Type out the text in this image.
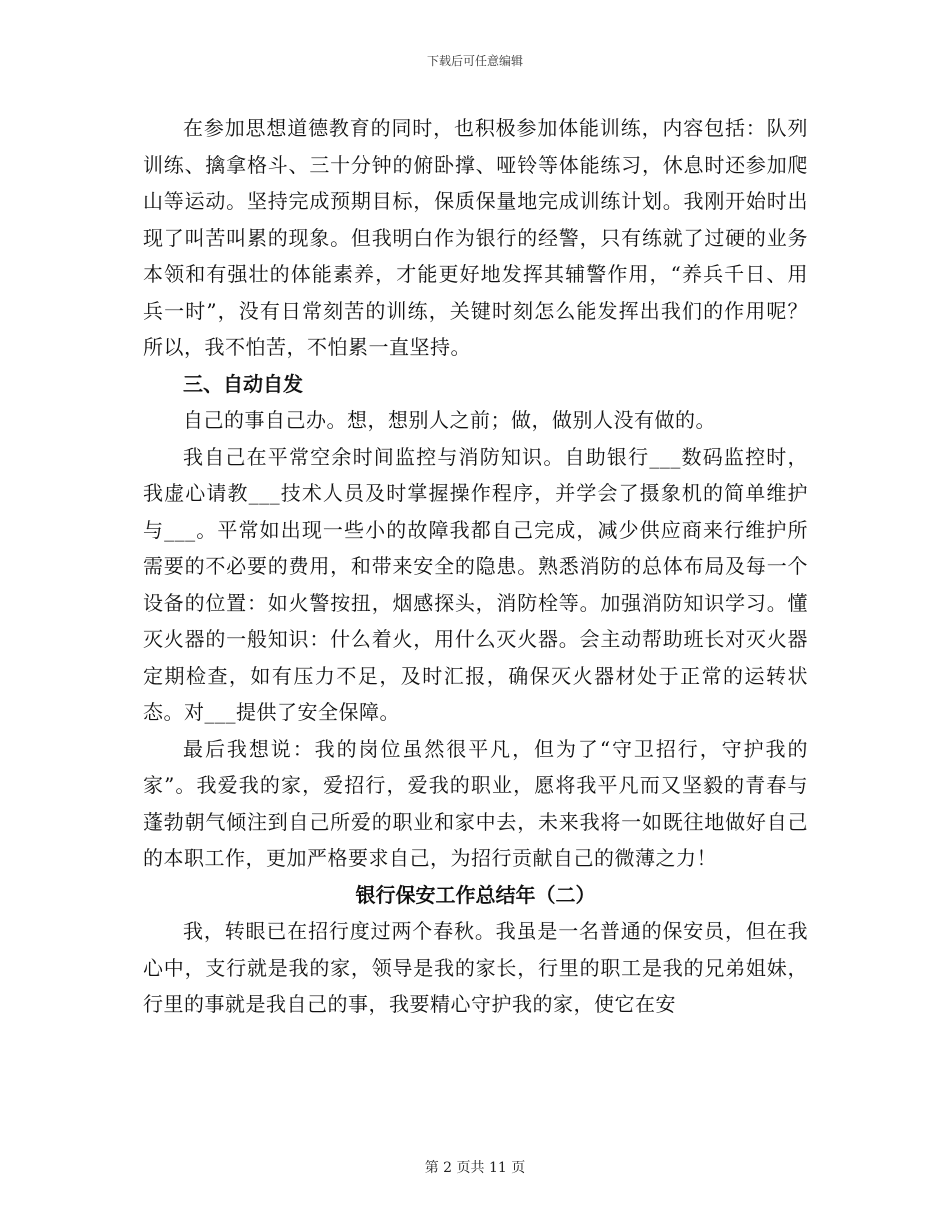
下载后可任意编辑

在参加思想道德教育的同时，也积极参加体能训练，内容包括：队列训练、擒拿格斗、三十分钟的俯卧撑、哑铃等体能练习，休息时还参加爬山等运动。坚持完成预期目标，保质保量地完成训练计划。我刚开始时出现了叫苦叫累的现象。但我明白作为银行的经警，只有练就了过硬的业务本领和有强壮的体能素养，才能更好地发挥其辅警作用，“养兵千日、用兵一时”，没有日常刻苦的训练，关键时刻怎么能发挥出我们的作用呢？所以，我不怕苦，不怕累一直坚持。

三、自动自发

自己的事自己办。想，想别人之前；做，做别人没有做的。

我自己在平常空余时间监控与消防知识。自助银行___数码监控时，我虚心请教___技术人员及时掌握操作程序，并学会了摄象机的简单维护与___。平常如出现一些小的故障我都自己完成，减少供应商来行维护所需要的不必要的费用，和带来安全的隐患。熟悉消防的总体布局及每一个设备的位置：如火警按扭，烟感探头，消防栓等。加强消防知识学习。懂灭火器的一般知识：什么着火，用什么灭火器。会主动帮助班长对灭火器定期检查，如有压力不足，及时汇报，确保灭火器材处于正常的运转状态。对___提供了安全保障。

最后我想说：我的岗位虽然很平凡，但为了“守卫招行，守护我的家”。我爱我的家，爱招行，爱我的职业，愿将我平凡而又坚毅的青春与蓬勃朝气倾注到自己所爱的职业和家中去，未来我将一如既往地做好自己的本职工作，更加严格要求自己，为招行贡献自己的微薄之力！

银行保安工作总结年（二）

我，转眼已在招行度过两个春秋。我虽是一名普通的保安员，但在我心中，支行就是我的家，领导是我的家长，行里的职工是我的兄弟姐妹，行里的事就是我自己的事，我要精心守护我的家，使它在安

第 2 页共 11 页
